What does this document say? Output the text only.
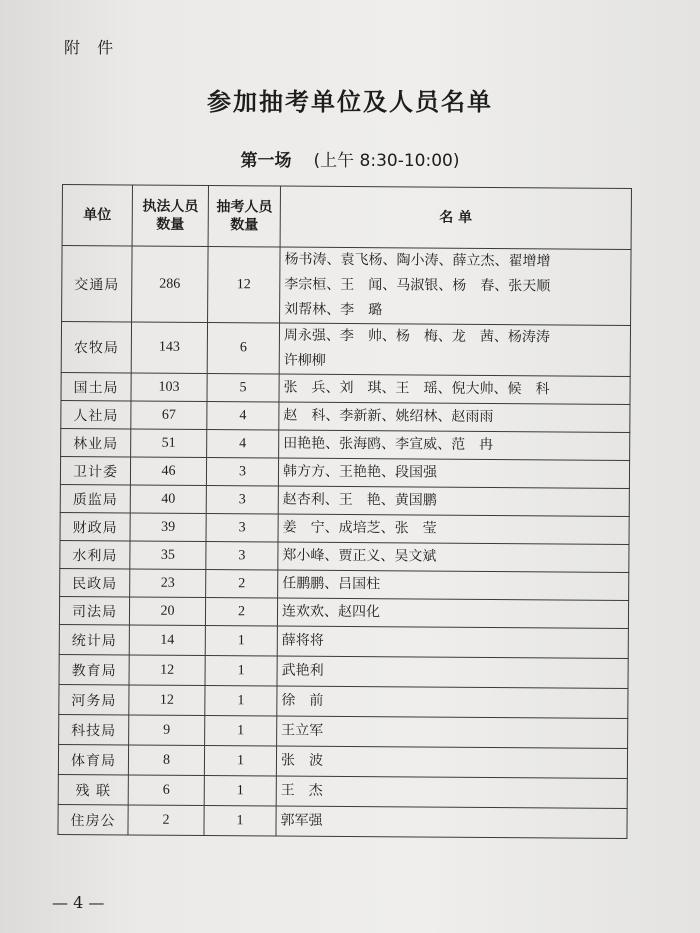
附 件
参加抽考单位及人员名单
第一场 (上午 8:30-10:00)
单位	执法人员数量	抽考人员数量	名 单
交通局	286	12	杨书涛、袁飞杨、陶小涛、薛立杰、翟增增
李宗桓、王　闻、马淑银、杨　春、张天顺
刘帮林、李　璐

农牧局	143	6	周永强、李　帅、杨　梅、龙　茜、杨涛涛
许柳柳

国土局	103	5	张　兵、刘　琪、王　瑶、倪大帅、候　科

人社局	67	4	赵　科、李新新、姚绍林、赵雨雨

林业局	51	4	田艳艳、张海鸥、李宣威、范　冉

卫计委	46	3	韩方方、王艳艳、段国强

质监局	40	3	赵杏利、王　艳、黄国鹏

财政局	39	3	姜　宁、成培芝、张　莹

水利局	35	3	郑小峰、贾正义、吴文斌

民政局	23	2	任鹏鹏、吕国柱

司法局	20	2	连欢欢、赵四化

统计局	14	1	薛将将

教育局	12	1	武艳利

河务局	12	1	徐　前

科技局	9	1	王立军

体育局	8	1	张　波

残 联	6	1	王　杰

住房公	2	1	郭军强
— 4 —
